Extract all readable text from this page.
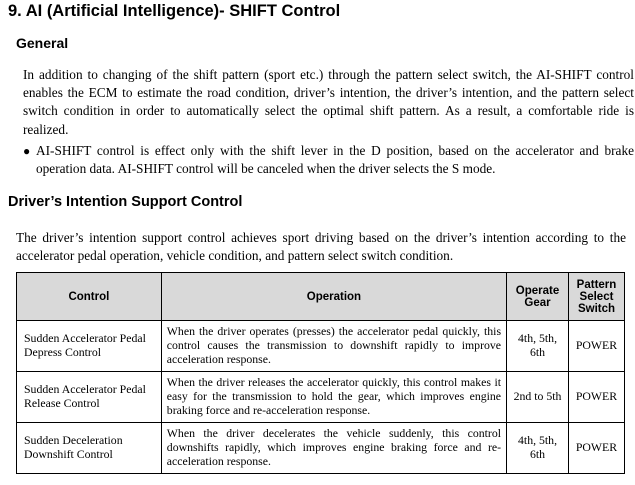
9. AI (Artificial Intelligence)- SHIFT Control
General

In addition to changing of the shift pattern (sport etc.) through the pattern select switch, the AI-SHIFT control enables the ECM to estimate the road condition, driver’s intention, the driver’s intention, and the pattern select switch condition in order to automatically select the optimal shift pattern. As a result, a comfortable ride is realized.

● AI-SHIFT control is effect only with the shift lever in the D position, based on the accelerator and brake operation data. AI-SHIFT control will be canceled when the driver selects the S mode.
Driver’s Intention Support Control

The driver’s intention support control achieves sport driving based on the driver’s intention according to the accelerator pedal operation, vehicle condition, and pattern select switch condition.

Control	Operation	Operate Gear	Pattern Select Switch
Sudden Accelerator Pedal Depress Control	When the driver operates (presses) the accelerator pedal quickly, this control causes the transmission to downshift rapidly to improve acceleration response.	4th, 5th, 6th	POWER
Sudden Accelerator Pedal Release Control	When the driver releases the accelerator quickly, this control makes it easy for the transmission to hold the gear, which improves engine braking force and re-acceleration response.	2nd to 5th	POWER
Sudden Deceleration Downshift Control	When the driver decelerates the vehicle suddenly, this control downshifts rapidly, which improves engine braking force and re-acceleration response.	4th, 5th, 6th	POWER
